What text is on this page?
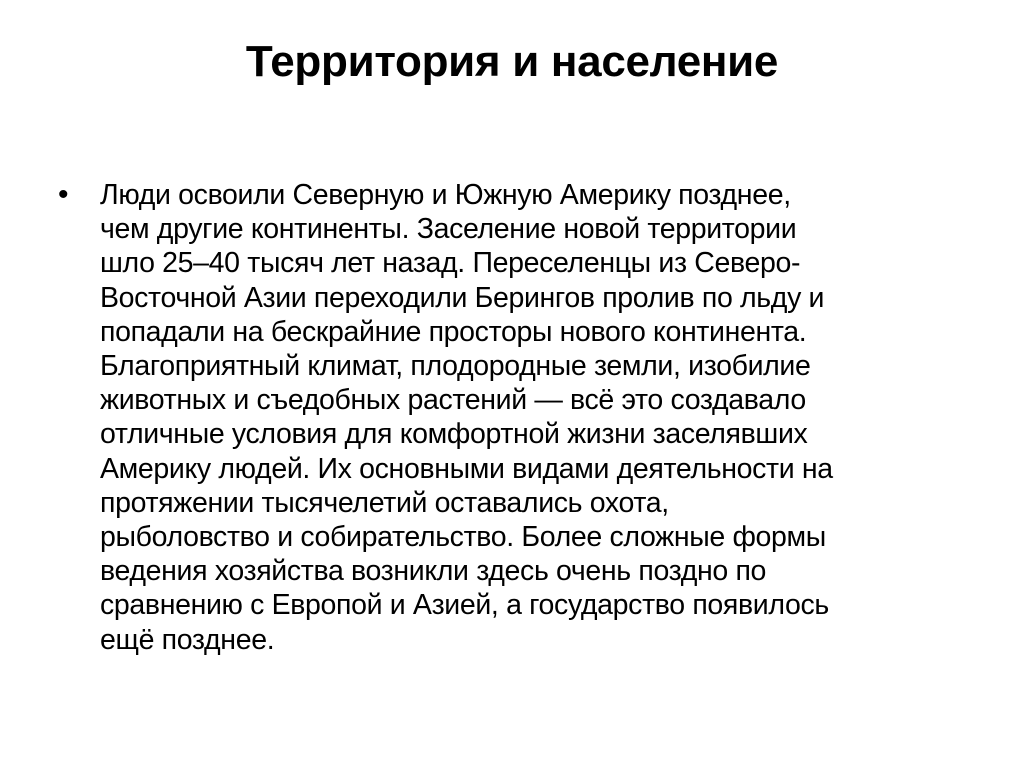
Территория и население
• Люди освоили Северную и Южную Америку позднее,
чем другие континенты. Заселение новой территории
шло 25–40 тысяч лет назад. Переселенцы из Северо-
Восточной Азии переходили Берингов пролив по льду и
попадали на бескрайние просторы нового континента.
Благоприятный климат, плодородные земли, изобилие
животных и съедобных растений — всё это создавало
отличные условия для комфортной жизни заселявших
Америку людей. Их основными видами деятельности на
протяжении тысячелетий оставались охота,
рыболовство и собирательство. Более сложные формы
ведения хозяйства возникли здесь очень поздно по
сравнению с Европой и Азией, а государство появилось
ещё позднее.
